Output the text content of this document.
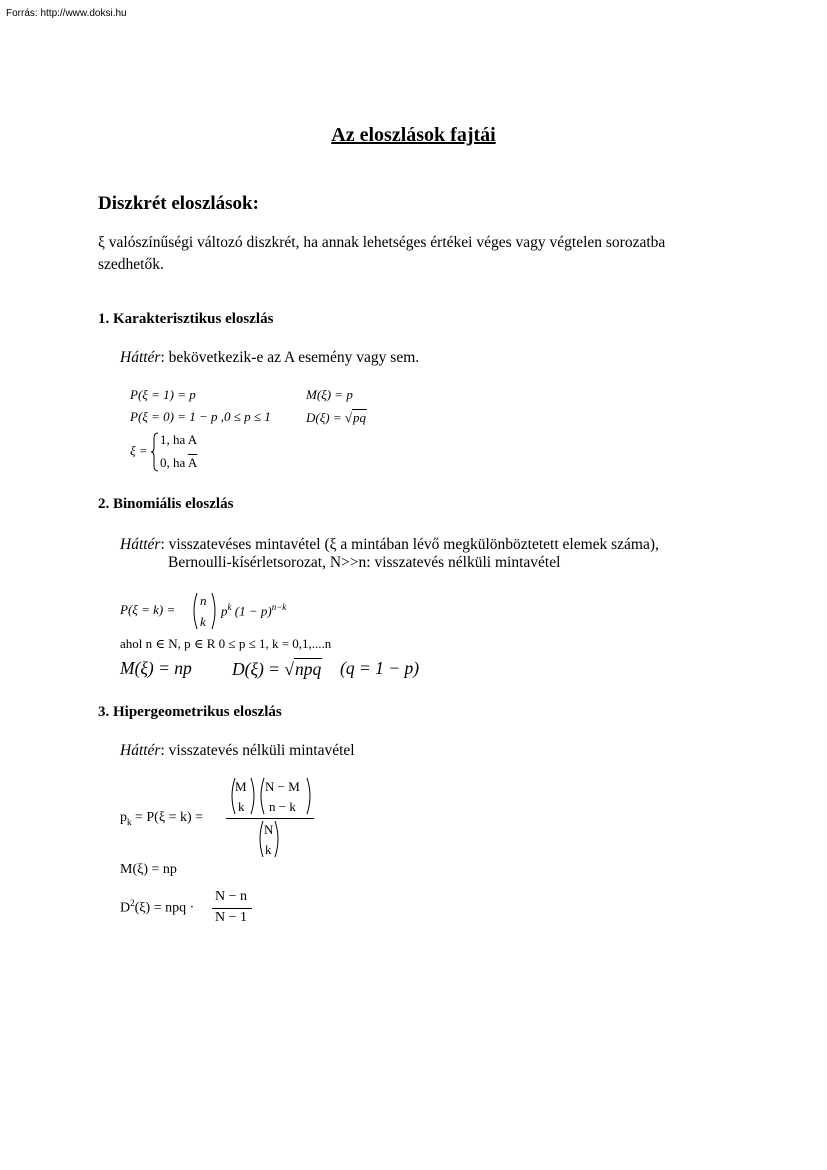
Forrás: http://www.doksi.hu
Az eloszlások fajtái
Diszkrét eloszlások:
ξ valószínűségi változó diszkrét, ha annak lehetséges értékei véges vagy végtelen sorozatba
szedhetők.
1. Karakterisztikus eloszlás
Háttér: bekövetkezik-e az A esemény vagy sem.
P(ξ = 1) = p
P(ξ = 0) = 1 − p ,0 ≤ p ≤ 1
M(ξ) = p
D(ξ) = √pq
ξ =
1, ha A
0, ha $\overline{A}$
2. Binomiális eloszlás
Háttér: visszatevéses mintavétel (ξ a mintában lévő megkülönböztetett elemek száma),
Bernoulli-kísérletsorozat, N>>n: visszatevés nélküli mintavétel
P(ξ = k) =
n
k
$p^k$ $(1 - p)^{n-k}$
ahol n ∈ N, p ∈ R 0 ≤ p ≤ 1, k = 0,1,....n
M(ξ) = np D(ξ) = √npq (q = 1 − p)
3. Hipergeometrikus eloszlás
Háttér: visszatevés nélküli mintavétel
$p_k = P(\xi = k)$ =
M
k
N − M
n − k
N
k
M(ξ) = np
$D^2(\xi)$ = npq ·
N − n
N − 1
